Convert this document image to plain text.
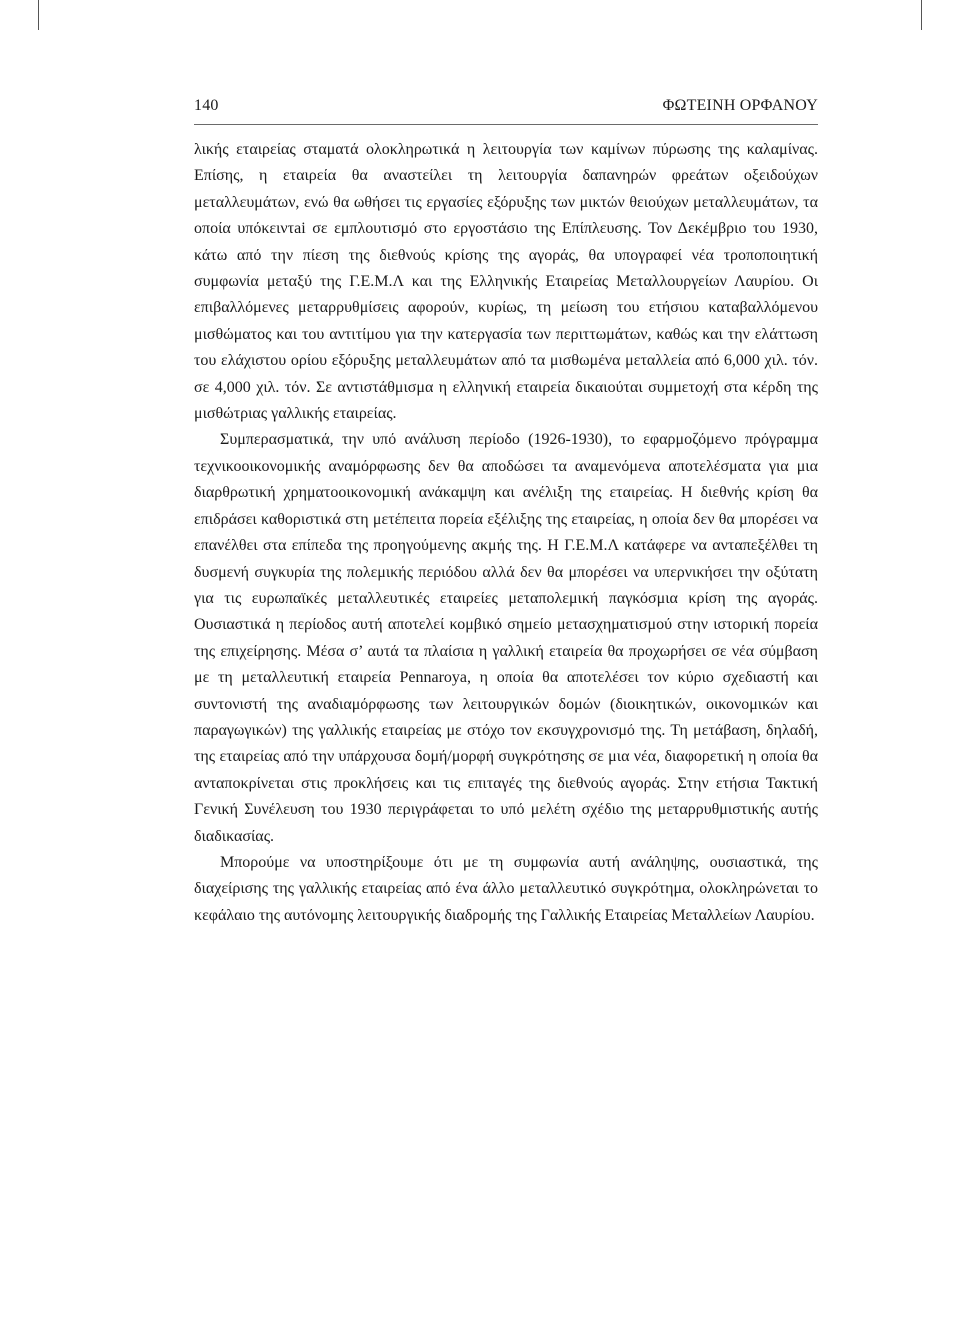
140	ΦΩΤΕΙΝΗ ΟΡΦΑΝΟΥ

λικής εταιρείας σταματά ολοκληρωτικά η λειτουργία των καμίνων πύρωσης της καλαμίνας. Επίσης, η εταιρεία θα αναστείλει τη λειτουργία δαπανηρών φρεάτων οξειδούχων μεταλλευμάτων, ενώ θα ωθήσει τις εργασίες εξόρυξης των μικτών θειούχων μεταλλευμάτων, τα οποία υπόκειντai σε εμπλουτισμό στο εργοστάσιο της Επίπλευσης. Τον Δεκέμβριο του 1930, κάτω από την πίεση της διεθνούς κρίσης της αγοράς, θα υπογραφεί νέα τροποποιητική συμφωνία μεταξύ της Γ.Ε.Μ.Λ και της Ελληνικής Εταιρείας Μεταλλουργείων Λαυρίου. Οι επιβαλλόμενες μεταρρυθμίσεις αφορούν, κυρίως, τη μείωση του ετήσιου καταβαλλόμενου μισθώματος και του αντιτίμου για την κατεργασία των περιττωμάτων, καθώς και την ελάττωση του ελάχιστου ορίου εξόρυξης μεταλλευμάτων από τα μισθωμένα μεταλλεία από 6,000 χιλ. τόν. σε 4,000 χιλ. τόν. Σε αντιστάθμισμα η ελληνική εταιρεία δικαιούται συμμετοχή στα κέρδη της μισθώτριας γαλλικής εταιρείας.

Συμπερασματικά, την υπό ανάλυση περίοδο (1926-1930), το εφαρμοζόμενο πρόγραμμα τεχνικοοικονομικής αναμόρφωσης δεν θα αποδώσει τα αναμενόμενα αποτελέσματα για μια διαρθρωτική χρηματοοικονομική ανάκαμψη και ανέλιξη της εταιρείας. Η διεθνής κρίση θα επιδράσει καθοριστικά στη μετέπειτα πορεία εξέλιξης της εταιρείας, η οποία δεν θα μπορέσει να επανέλθει στα επίπεδα της προηγούμενης ακμής της. Η Γ.Ε.Μ.Λ κατάφερε να ανταπεξέλθει τη δυσμενή συγκυρία της πολεμικής περιόδου αλλά δεν θα μπορέσει να υπερνικήσει την οξύτατη για τις ευρωπαϊκές μεταλλευτικές εταιρείες μεταπολεμική παγκόσμια κρίση της αγοράς. Ουσιαστικά η περίοδος αυτή αποτελεί κομβικό σημείο μετασχηματισμού στην ιστορική πορεία της επιχείρησης. Μέσα σ’ αυτά τα πλαίσια η γαλλική εταιρεία θα προχωρήσει σε νέα σύμβαση με τη μεταλλευτική εταιρεία Pennaroya, η οποία θα αποτελέσει τον κύριο σχεδιαστή και συντονιστή της αναδιαμόρφωσης των λειτουργικών δομών (διοικητικών, οικονομικών και παραγωγικών) της γαλλικής εταιρείας με στόχο τον εκσυγχρονισμό της. Τη μετάβαση, δηλαδή, της εταιρείας από την υπάρχουσα δομή/μορφή συγκρότησης σε μια νέα, διαφορετική η οποία θα ανταποκρίνεται στις προκλήσεις και τις επιταγές της διεθνούς αγοράς. Στην ετήσια Τακτική Γενική Συνέλευση του 1930 περιγράφεται το υπό μελέτη σχέδιο της μεταρρυθμιστικής αυτής διαδικασίας.

Μπορούμε να υποστηρίξουμε ότι με τη συμφωνία αυτή ανάληψης, ουσιαστικά, της διαχείρισης της γαλλικής εταιρείας από ένα άλλο μεταλλευτικό συγκρότημα, ολοκληρώνεται το κεφάλαιο της αυτόνομης λειτουργικής διαδρομής της Γαλλικής Εταιρείας Μεταλλείων Λαυρίου.
